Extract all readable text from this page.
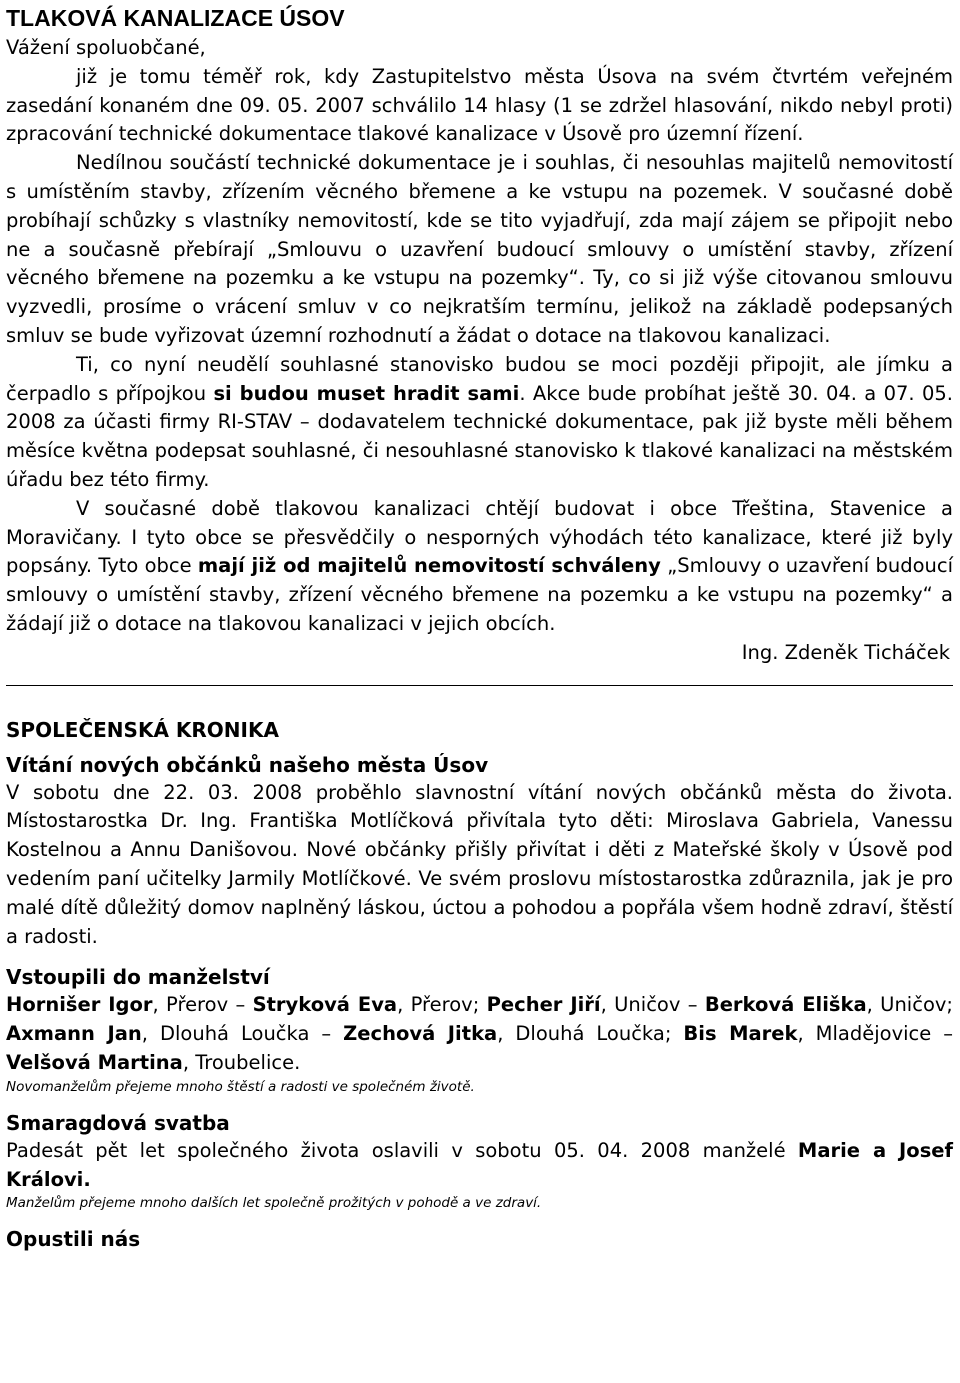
TLAKOVÁ KANALIZACE ÚSOV

Vážení spoluobčané,

již je tomu téměř rok, kdy Zastupitelstvo města Úsova na svém čtvrtém veřejném zasedání konaném dne 09. 05. 2007 schválilo 14 hlasy (1 se zdržel hlasování, nikdo nebyl proti) zpracování technické dokumentace tlakové kanalizace v Úsově pro územní řízení.

Nedílnou součástí technické dokumentace je i souhlas, či nesouhlas majitelů nemovitostí s umístěním stavby, zřízením věcného břemene a ke vstupu na pozemek. V současné době probíhají schůzky s vlastníky nemovitostí, kde se tito vyjadřují, zda mají zájem se připojit nebo ne a současně přebírají „Smlouvu o uzavření budoucí smlouvy o umístění stavby, zřízení věcného břemene na pozemku a ke vstupu na pozemky“. Ty, co si již výše citovanou smlouvu vyzvedli, prosíme o vrácení smluv v co nejkratším termínu, jelikož na základě podepsaných smluv se bude vyřizovat územní rozhodnutí a žádat o dotace na tlakovou kanalizaci.

Ti, co nyní neudělí souhlasné stanovisko budou se moci později připojit, ale jímku a čerpadlo s přípojkou si budou muset hradit sami. Akce bude probíhat ještě 30. 04. a 07. 05. 2008 za účasti firmy RI-STAV – dodavatelem technické dokumentace, pak již byste měli během měsíce května podepsat souhlasné, či nesouhlasné stanovisko k tlakové kanalizaci na městském úřadu bez této firmy.

V současné době tlakovou kanalizaci chtějí budovat i obce Třeština, Stavenice a Moravičany. I tyto obce se přesvědčily o nesporných výhodách této kanalizace, které již byly popsány. Tyto obce mají již od majitelů nemovitostí schváleny „Smlouvy o uzavření budoucí smlouvy o umístění stavby, zřízení věcného břemene na pozemku a ke vstupu na pozemky“ a žádají již o dotace na tlakovou kanalizaci v jejich obcích.

Ing. Zdeněk Ticháček

SPOLEČENSKÁ KRONIKA
Vítání nových občánků našeho města Úsov

V sobotu dne 22. 03. 2008 proběhlo slavnostní vítání nových občánků města do života. Místostarostka Dr. Ing. Františka Motlíčková přivítala tyto děti: Miroslava Gabriela, Vanessu Kostelnou a Annu Danišovou. Nové občánky přišly přivítat i děti z Mateřské školy v Úsově pod vedením paní učitelky Jarmily Motlíčkové. Ve svém proslovu místostarostka zdůraznila, jak je pro malé dítě důležitý domov naplněný láskou, úctou a pohodou a popřála všem hodně zdraví, štěstí a radosti.

Vstoupili do manželství

Hornišer Igor, Přerov – Stryková Eva, Přerov; Pecher Jiří, Uničov – Berková Eliška, Uničov; Axmann Jan, Dlouhá Loučka – Zechová Jitka, Dlouhá Loučka; Bis Marek, Mladějovice – Velšová Martina, Troubelice.

Novomanželům přejeme mnoho štěstí a radosti ve společném životě.

Smaragdová svatba

Padesát pět let společného života oslavili v sobotu 05. 04. 2008 manželé Marie a Josef Královi.

Manželům přejeme mnoho dalších let společně prožitých v pohodě a ve zdraví.

Opustili nás
